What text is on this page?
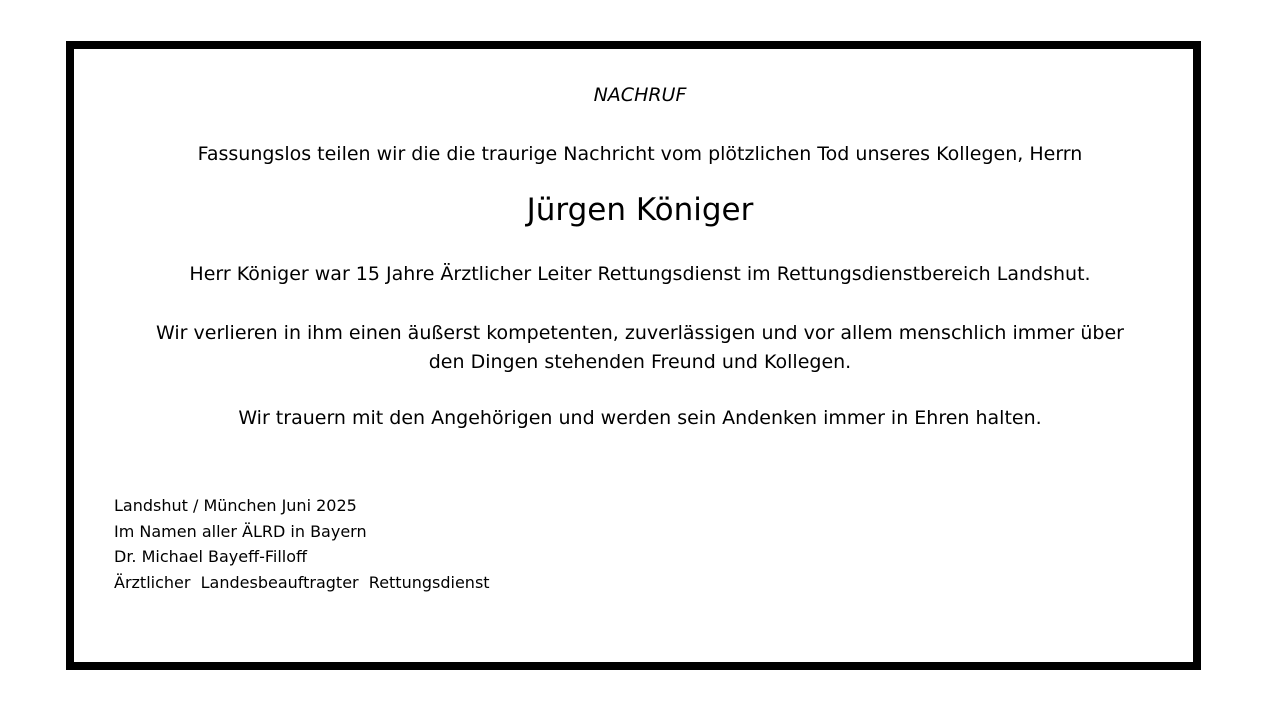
NACHRUF
Fassungslos teilen wir die die traurige Nachricht vom plötzlichen Tod unseres Kollegen, Herrn
Jürgen Königer
Herr Königer war 15 Jahre Ärztlicher Leiter Rettungsdienst im Rettungsdienstbereich Landshut.
Wir verlieren in ihm einen äußerst kompetenten, zuverlässigen und vor allem menschlich immer über
den Dingen stehenden Freund und Kollegen.
Wir trauern mit den Angehörigen und werden sein Andenken immer in Ehren halten.
Landshut / München Juni 2025
Im Namen aller ÄLRD in Bayern
Dr. Michael Bayeff-Filloff
Ärztlicher  Landesbeauftragter  Rettungsdienst
